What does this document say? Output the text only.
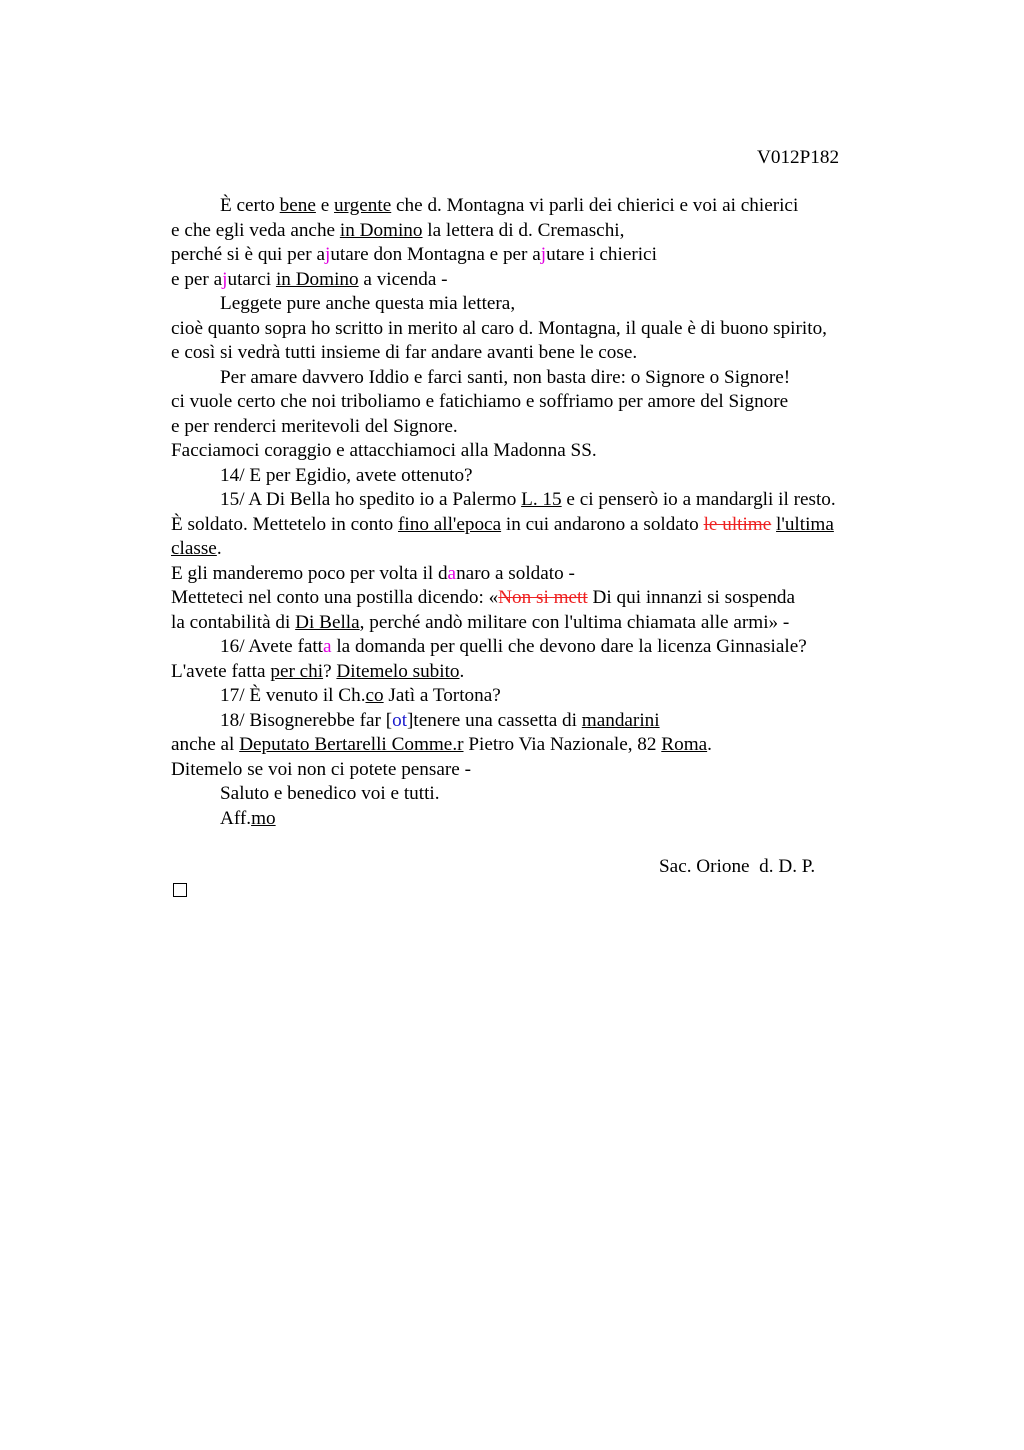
V012P182
È certo bene e urgente che d. Montagna vi parli dei chierici e voi ai chierici
e che egli veda anche in Domino la lettera di d. Cremaschi,
perché si è qui per ajutare don Montagna e per ajutare i chierici
e per ajutarci in Domino a vicenda -
Leggete pure anche questa mia lettera,
cioè quanto sopra ho scritto in merito al caro d. Montagna, il quale è di buono spirito,
e così si vedrà tutti insieme di far andare avanti bene le cose.
Per amare davvero Iddio e farci santi, non basta dire: o Signore o Signore!
ci vuole certo che noi triboliamo e fatichiamo e soffriamo per amore del Signore
e per renderci meritevoli del Signore.
Facciamoci coraggio e attacchiamoci alla Madonna SS.
14/ E per Egidio, avete ottenuto?
15/ A Di Bella ho spedito io a Palermo L. 15 e ci penserò io a mandargli il resto.
È soldato. Mettetelo in conto fino all'epoca in cui andarono a soldato le ultime l'ultima
classe.
E gli manderemo poco per volta il danaro a soldato -
Metteteci nel conto una postilla dicendo: «Non si mett Di qui innanzi si sospenda
la contabilità di Di Bella, perché andò militare con l'ultima chiamata alle armi» -
16/ Avete fatta la domanda per quelli che devono dare la licenza Ginnasiale?
L'avete fatta per chi? Ditemelo subito.
17/ È venuto il Ch.co Jatì a Tortona?
18/ Bisognerebbe far [ot]tenere una cassetta di mandarini
anche al Deputato Bertarelli Comme.r Pietro Via Nazionale, 82 Roma.
Ditemelo se voi non ci potete pensare -
Saluto e benedico voi e tutti.
Aff.mo
Sac. Orione  d. D. P.
